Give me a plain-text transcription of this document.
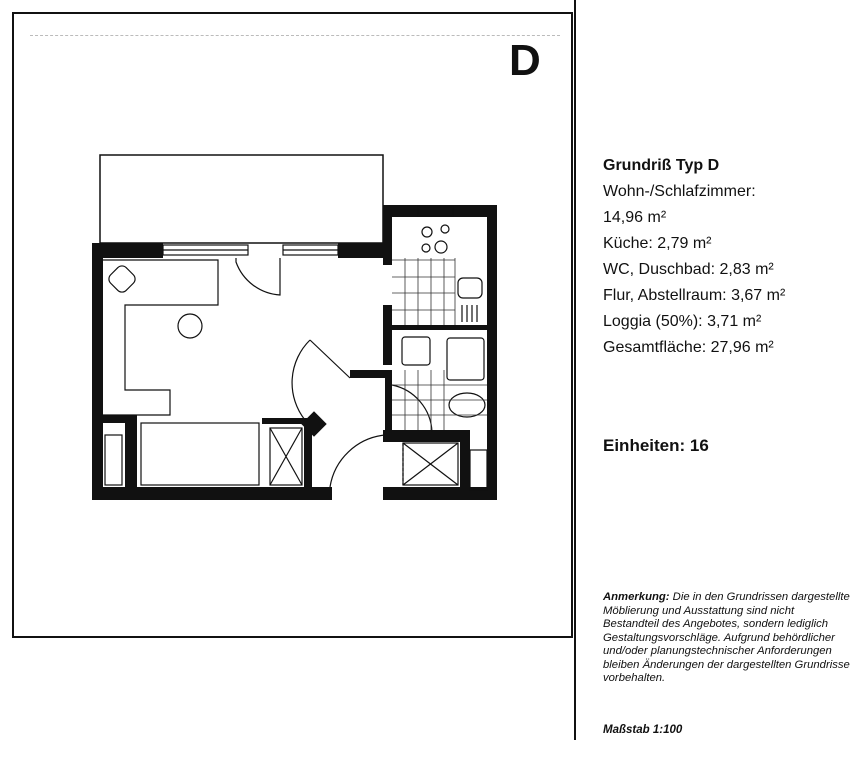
D
Grundriß Typ D
Wohn-/Schlafzimmer:
14,96 m²
Küche: 2,79 m²
WC, Duschbad: 2,83 m²
Flur, Abstellraum: 3,67 m²
Loggia (50%): 3,71 m²
Gesamtfläche: 27,96 m²
Einheiten: 16
Anmerkung: Die in den Grundrissen dargestellte Möblierung und Ausstattung sind nicht Bestandteil des Angebotes, sondern lediglich Gestaltungsvorschläge. Aufgrund behördlicher und/oder planungstechnischer Anforderungen bleiben Änderungen der dargestellten Grundrisse vorbehalten.
Maßstab 1:100
